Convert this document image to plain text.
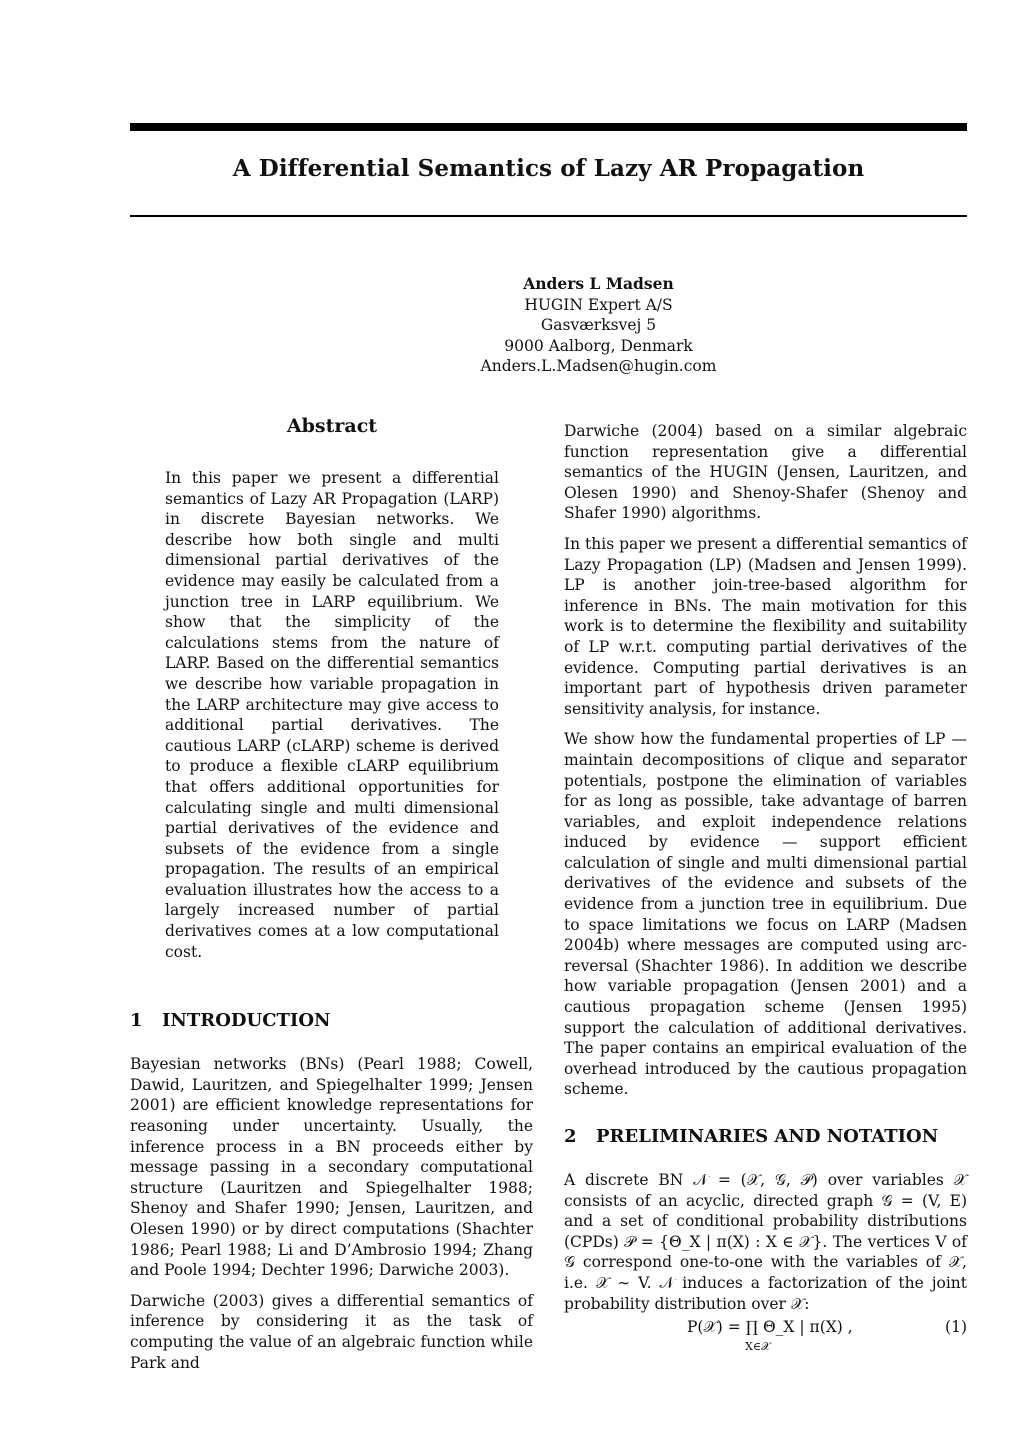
A Differential Semantics of Lazy AR Propagation
Anders L Madsen
HUGIN Expert A/S
Gasværksvej 5
9000 Aalborg, Denmark
Anders.L.Madsen@hugin.com
Abstract
In this paper we present a differential semantics of Lazy AR Propagation (LARP) in discrete Bayesian networks. We describe how both single and multi dimensional partial derivatives of the evidence may easily be calculated from a junction tree in LARP equilibrium. We show that the simplicity of the calculations stems from the nature of LARP. Based on the differential semantics we describe how variable propagation in the LARP architecture may give access to additional partial derivatives. The cautious LARP (cLARP) scheme is derived to produce a flexible cLARP equilibrium that offers additional opportunities for calculating single and multi dimensional partial derivatives of the evidence and subsets of the evidence from a single propagation. The results of an empirical evaluation illustrates how the access to a largely increased number of partial derivatives comes at a low computational cost.
1 INTRODUCTION

Bayesian networks (BNs) (Pearl 1988; Cowell, Dawid, Lauritzen, and Spiegelhalter 1999; Jensen 2001) are efficient knowledge representations for reasoning under uncertainty. Usually, the inference process in a BN proceeds either by message passing in a secondary computational structure (Lauritzen and Spiegelhalter 1988; Shenoy and Shafer 1990; Jensen, Lauritzen, and Olesen 1990) or by direct computations (Shachter 1986; Pearl 1988; Li and D’Ambrosio 1994; Zhang and Poole 1994; Dechter 1996; Darwiche 2003).

Darwiche (2003) gives a differential semantics of inference by considering it as the task of computing the value of an algebraic function while Park and

Darwiche (2004) based on a similar algebraic function representation give a differential semantics of the HUGIN (Jensen, Lauritzen, and Olesen 1990) and Shenoy-Shafer (Shenoy and Shafer 1990) algorithms.

In this paper we present a differential semantics of Lazy Propagation (LP) (Madsen and Jensen 1999). LP is another join-tree-based algorithm for inference in BNs. The main motivation for this work is to determine the flexibility and suitability of LP w.r.t. computing partial derivatives of the evidence. Computing partial derivatives is an important part of hypothesis driven parameter sensitivity analysis, for instance.

We show how the fundamental properties of LP — maintain decompositions of clique and separator potentials, postpone the elimination of variables for as long as possible, take advantage of barren variables, and exploit independence relations induced by evidence — support efficient calculation of single and multi dimensional partial derivatives of the evidence and subsets of the evidence from a junction tree in equilibrium. Due to space limitations we focus on LARP (Madsen 2004b) where messages are computed using arc-reversal (Shachter 1986). In addition we describe how variable propagation (Jensen 2001) and a cautious propagation scheme (Jensen 1995) support the calculation of additional derivatives. The paper contains an empirical evaluation of the overhead introduced by the cautious propagation scheme.

2 PRELIMINARIES AND NOTATION

A discrete BN 𝒩 = (𝒳, 𝒢, 𝒫) over variables 𝒳 consists of an acyclic, directed graph 𝒢 = (V, E) and a set of conditional probability distributions (CPDs) 𝒫 = {Θ_X | π(X) : X ∈ 𝒳}. The vertices V of 𝒢 correspond one-to-one with the variables of 𝒳, i.e. 𝒳 ∼ V. 𝒩 induces a factorization of the joint probability distribution over 𝒳:

P(𝒳) = ∏ Θ_X | π(X) ,
X∈𝒳
(1)
